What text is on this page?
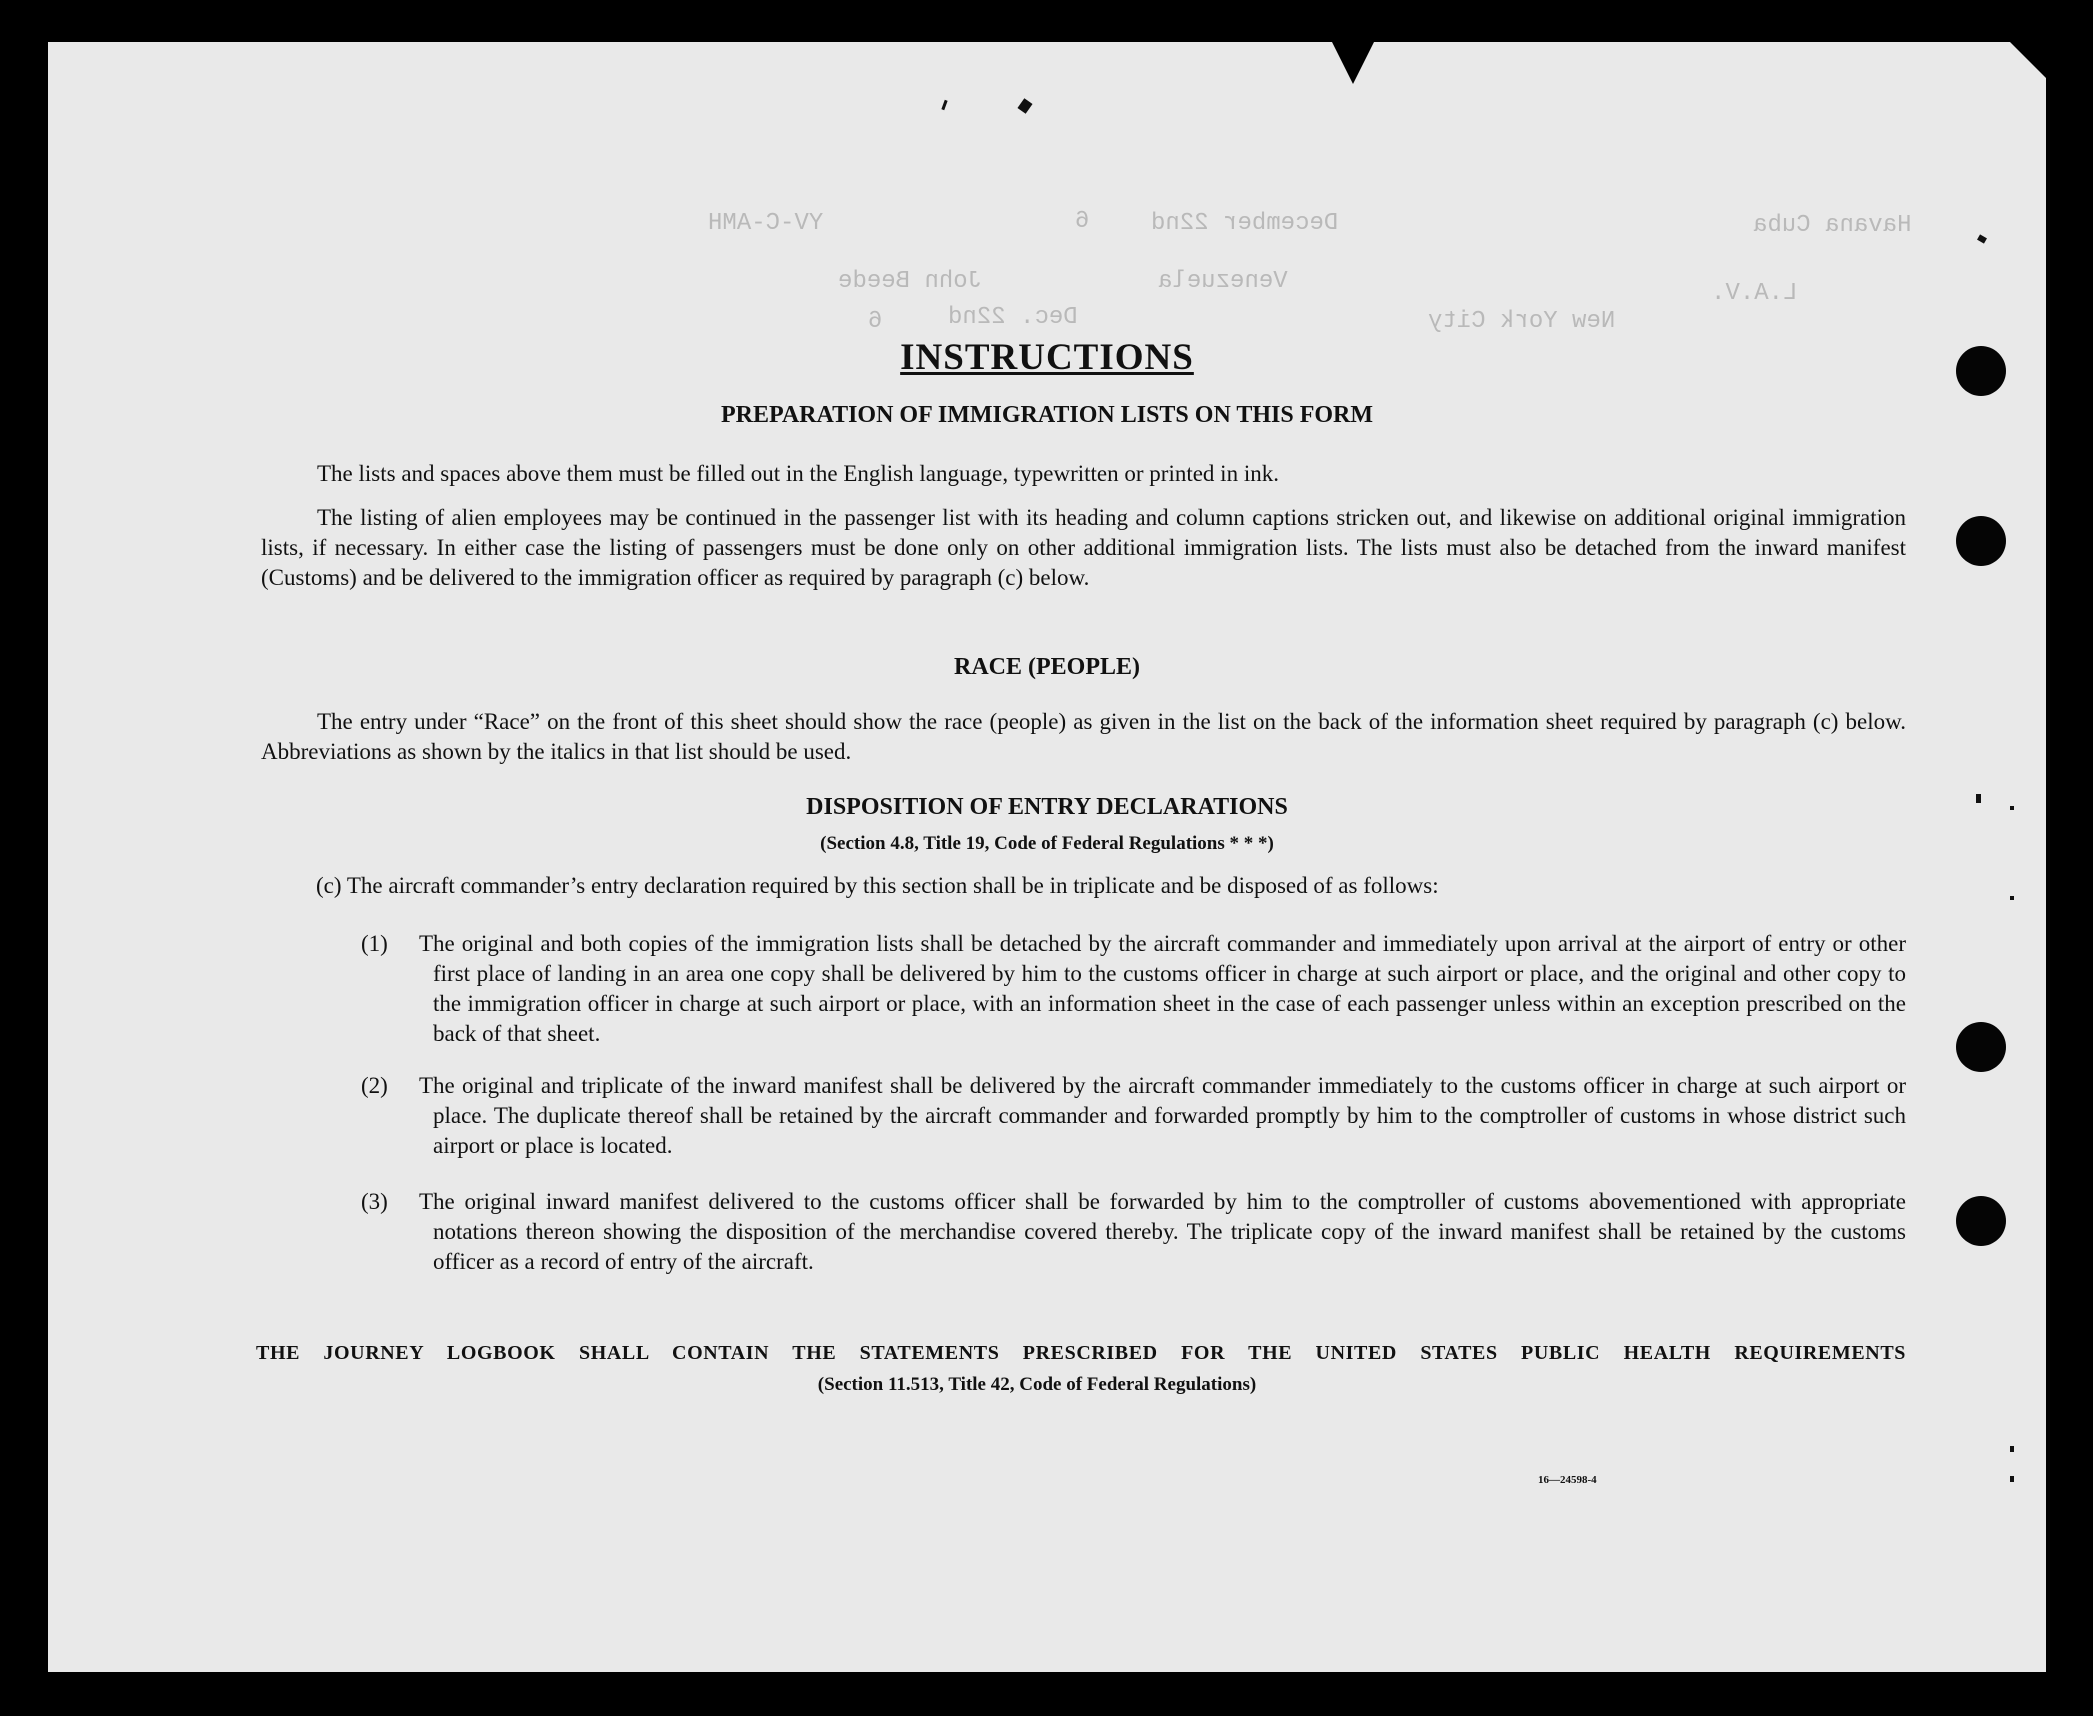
Havana Cuba
December 22nd
6
YV-C-AMH
L.A.V.
Venezuela
John Beede
New York City
Dec. 22nd
6
INSTRUCTIONS
PREPARATION OF IMMIGRATION LISTS ON THIS FORM
The lists and spaces above them must be filled out in the English language, typewritten or printed in ink.
The listing of alien employees may be continued in the passenger list with its heading and column captions stricken out, and likewise on additional original immigration lists, if necessary. In either case the listing of passengers must be done only on other additional immigration lists. The lists must also be detached from the inward manifest (Customs) and be delivered to the immigration officer as required by paragraph (c) below.
RACE (PEOPLE)
The entry under “Race” on the front of this sheet should show the race (people) as given in the list on the back of the information sheet required by paragraph (c) below. Abbreviations as shown by the italics in that list should be used.
DISPOSITION OF ENTRY DECLARATIONS
(Section 4.8, Title 19, Code of Federal Regulations * * *)
(c) The aircraft commander’s entry declaration required by this section shall be in triplicate and be disposed of as follows:
(1)	The original and both copies of the immigration lists shall be detached by the aircraft commander and immediately upon arrival at the airport of entry or other first place of landing in an area one copy shall be delivered by him to the customs officer in charge at such airport or place, and the original and other copy to the immigration officer in charge at such airport or place, with an information sheet in the case of each passenger unless within an exception prescribed on the back of that sheet.
(2)	The original and triplicate of the inward manifest shall be delivered by the aircraft commander immediately to the customs officer in charge at such airport or place. The duplicate thereof shall be retained by the aircraft commander and forwarded promptly by him to the comptroller of customs in whose district such airport or place is located.
(3)	The original inward manifest delivered to the customs officer shall be forwarded by him to the comptroller of customs abovementioned with appropriate notations thereon showing the disposition of the merchandise covered thereby. The triplicate copy of the inward manifest shall be retained by the customs officer as a record of entry of the aircraft.
THE JOURNEY LOGBOOK SHALL CONTAIN THE STATEMENTS PRESCRIBED FOR THE UNITED STATES PUBLIC HEALTH REQUIREMENTS
(Section 11.513, Title 42, Code of Federal Regulations)
16—24598-4
